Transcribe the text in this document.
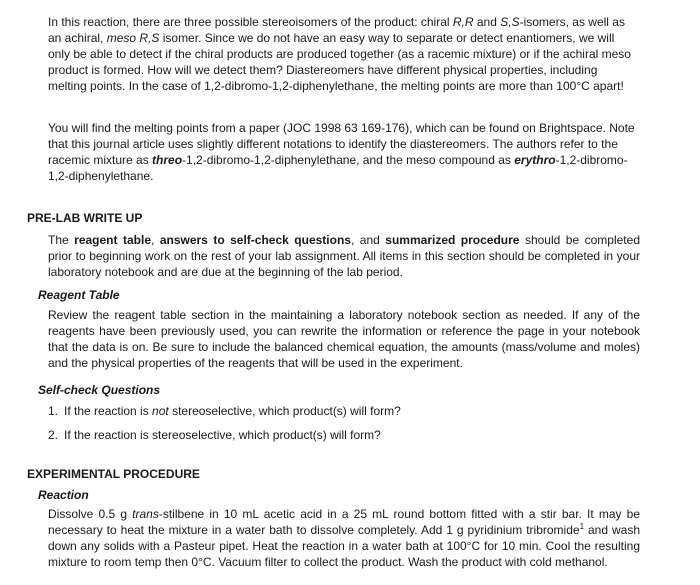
In this reaction, there are three possible stereoisomers of the product: chiral R,R and S,S-isomers, as well as an achiral, meso R,S isomer. Since we do not have an easy way to separate or detect enantiomers, we will only be able to detect if the chiral products are produced together (as a racemic mixture) or if the achiral meso product is formed. How will we detect them? Diastereomers have different physical properties, including melting points. In the case of 1,2-dibromo-1,2-diphenylethane, the melting points are more than 100°C apart!

You will find the melting points from a paper (JOC 1998 63 169-176), which can be found on Brightspace. Note that this journal article uses slightly different notations to identify the diastereomers. The authors refer to the racemic mixture as threo-1,2-dibromo-1,2-diphenylethane, and the meso compound as erythro-1,2-dibromo-1,2-diphenylethane.

PRE-LAB WRITE UP

The reagent table, answers to self-check questions, and summarized procedure should be completed prior to beginning work on the rest of your lab assignment. All items in this section should be completed in your laboratory notebook and are due at the beginning of the lab period.

Reagent Table

Review the reagent table section in the maintaining a laboratory notebook section as needed. If any of the reagents have been previously used, you can rewrite the information or reference the page in your notebook that the data is on. Be sure to include the balanced chemical equation, the amounts (mass/volume and moles) and the physical properties of the reagents that will be used in the experiment.

Self-check Questions
1. If the reaction is not stereoselective, which product(s) will form?
2. If the reaction is stereoselective, which product(s) will form?
EXPERIMENTAL PROCEDURE
Reaction

Dissolve 0.5 g trans-stilbene in 10 mL acetic acid in a 25 mL round bottom fitted with a stir bar. It may be necessary to heat the mixture in a water bath to dissolve completely. Add 1 g pyridinium tribromide$^1$ and wash down any solids with a Pasteur pipet. Heat the reaction in a water bath at 100°C for 10 min. Cool the resulting mixture to room temp then 0°C. Vacuum filter to collect the product. Wash the product with cold methanol.
